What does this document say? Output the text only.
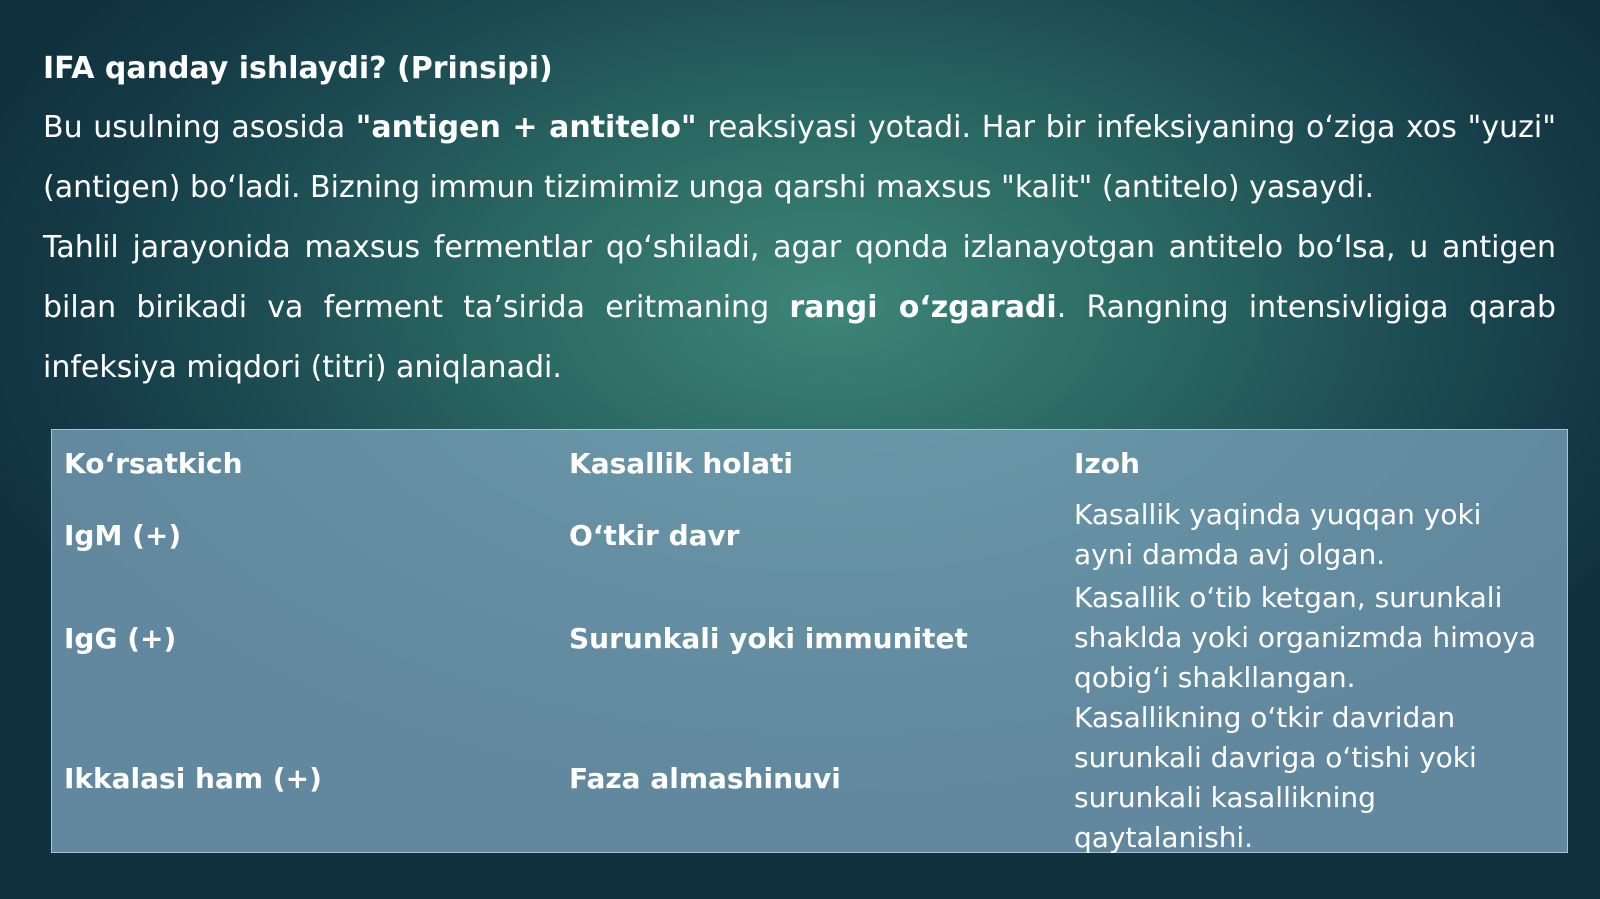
IFA qanday ishlaydi? (Prinsipi)

Bu usulning asosida "antigen + antitelo" reaksiyasi yotadi. Har bir infeksiyaning o‘ziga xos "yuzi" (antigen) bo‘ladi. Bizning immun tizimimiz unga qarshi maxsus "kalit" (antitelo) yasaydi.

Tahlil jarayonida maxsus fermentlar qo‘shiladi, agar qonda izlanayotgan antitelo bo‘lsa, u antigen bilan birikadi va ferment ta’sirida eritmaning rangi o‘zgaradi. Rangning intensivligiga qarab infeksiya miqdori (titri) aniqlanadi.

Ko‘rsatkich	Kasallik holati	Izoh
IgM (+)	O‘tkir davr	Kasallik yaqinda yuqqan yoki ayni damda avj olgan.
IgG (+)	Surunkali yoki immunitet	Kasallik o‘tib ketgan, surunkali shaklda yoki organizmda himoya qobig‘i shakllangan.
Ikkalasi ham (+)	Faza almashinuvi	Kasallikning o‘tkir davridan surunkali davriga o‘tishi yoki surunkali kasallikning qaytalanishi.
